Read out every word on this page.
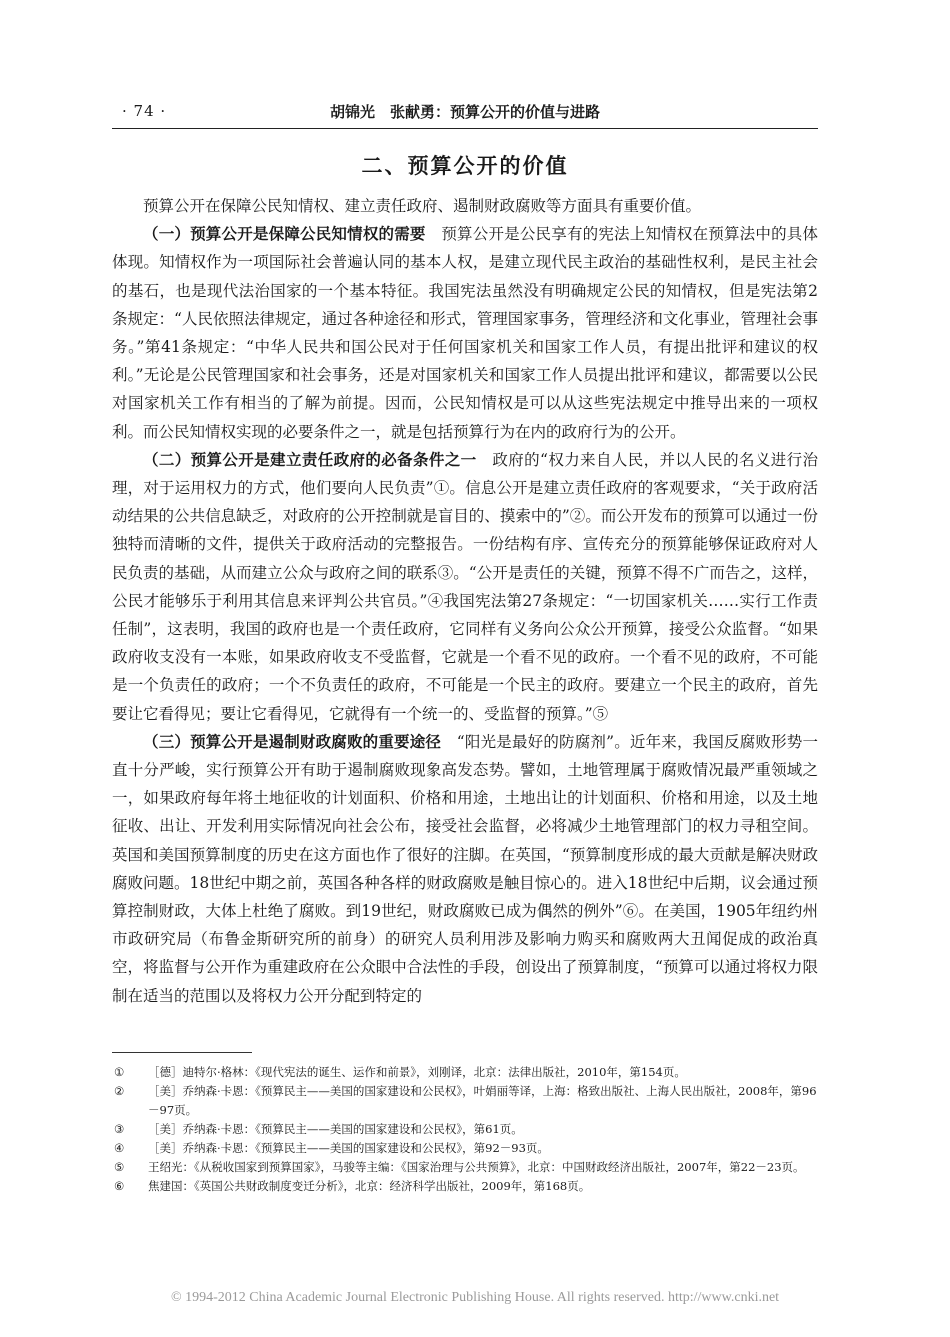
· 74 ·	胡锦光　张献勇：预算公开的价值与进路
二、预算公开的价值

预算公开在保障公民知情权、建立责任政府、遏制财政腐败等方面具有重要价值。

（一）预算公开是保障公民知情权的需要　预算公开是公民享有的宪法上知情权在预算法中的具体体现。知情权作为一项国际社会普遍认同的基本人权，是建立现代民主政治的基础性权利，是民主社会的基石，也是现代法治国家的一个基本特征。我国宪法虽然没有明确规定公民的知情权，但是宪法第2条规定：“人民依照法律规定，通过各种途径和形式，管理国家事务，管理经济和文化事业，管理社会事务。”第41条规定：“中华人民共和国公民对于任何国家机关和国家工作人员，有提出批评和建议的权利。”无论是公民管理国家和社会事务，还是对国家机关和国家工作人员提出批评和建议，都需要以公民对国家机关工作有相当的了解为前提。因而，公民知情权是可以从这些宪法规定中推导出来的一项权利。而公民知情权实现的必要条件之一，就是包括预算行为在内的政府行为的公开。

（二）预算公开是建立责任政府的必备条件之一　政府的“权力来自人民，并以人民的名义进行治理，对于运用权力的方式，他们要向人民负责”①。信息公开是建立责任政府的客观要求，“关于政府活动结果的公共信息缺乏，对政府的公开控制就是盲目的、摸索中的”②。而公开发布的预算可以通过一份独特而清晰的文件，提供关于政府活动的完整报告。一份结构有序、宣传充分的预算能够保证政府对人民负责的基础，从而建立公众与政府之间的联系③。“公开是责任的关键，预算不得不广而告之，这样，公民才能够乐于利用其信息来评判公共官员。”④我国宪法第27条规定：“一切国家机关……实行工作责任制”，这表明，我国的政府也是一个责任政府，它同样有义务向公众公开预算，接受公众监督。“如果政府收支没有一本账，如果政府收支不受监督，它就是一个看不见的政府。一个看不见的政府，不可能是一个负责任的政府；一个不负责任的政府，不可能是一个民主的政府。要建立一个民主的政府，首先要让它看得见；要让它看得见，它就得有一个统一的、受监督的预算。”⑤

（三）预算公开是遏制财政腐败的重要途径　“阳光是最好的防腐剂”。近年来，我国反腐败形势一直十分严峻，实行预算公开有助于遏制腐败现象高发态势。譬如，土地管理属于腐败情况最严重领域之一，如果政府每年将土地征收的计划面积、价格和用途，土地出让的计划面积、价格和用途，以及土地征收、出让、开发利用实际情况向社会公布，接受社会监督，必将减少土地管理部门的权力寻租空间。英国和美国预算制度的历史在这方面也作了很好的注脚。在英国，“预算制度形成的最大贡献是解决财政腐败问题。18世纪中期之前，英国各种各样的财政腐败是触目惊心的。进入18世纪中后期，议会通过预算控制财政，大体上杜绝了腐败。到19世纪，财政腐败已成为偶然的例外”⑥。在美国，1905年纽约州市政研究局（布鲁金斯研究所的前身）的研究人员利用涉及影响力购买和腐败两大丑闻促成的政治真空，将监督与公开作为重建政府在公众眼中合法性的手段，创设出了预算制度，“预算可以通过将权力限制在适当的范围以及将权力公开分配到特定的

①	［德］迪特尔·格林：《现代宪法的诞生、运作和前景》，刘刚译，北京：法律出版社，2010年，第154页。
②	［美］乔纳森·卡恩：《预算民主——美国的国家建设和公民权》，叶娟丽等译，上海：格致出版社、上海人民出版社，2008年，第96－97页。
③	［美］乔纳森·卡恩：《预算民主——美国的国家建设和公民权》，第61页。
④	［美］乔纳森·卡恩：《预算民主——美国的国家建设和公民权》，第92－93页。
⑤	王绍光：《从税收国家到预算国家》，马骏等主编：《国家治理与公共预算》，北京：中国财政经济出版社，2007年，第22－23页。
⑥	焦建国：《英国公共财政制度变迁分析》，北京：经济科学出版社，2009年，第168页。
© 1994-2012 China Academic Journal Electronic Publishing House. All rights reserved. http://www.cnki.net
